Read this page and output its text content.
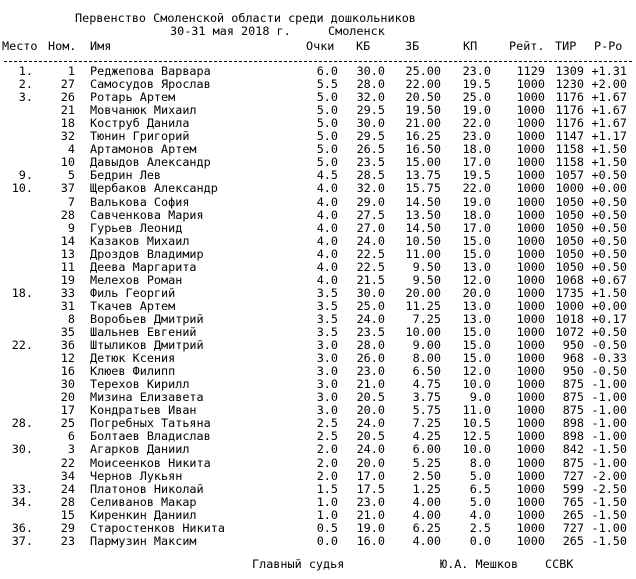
Первенство Смоленской области среди дошкольников
30-31 мая 2018 г.	Смоленск
Место Ном. Имя	Очки КБ	ЗБ	КП	Рейт. ТИР Р-Ро
1.	1 Реджепова Варвара	6.0 30.0 25.00 23.0 1129 1309 +1.31
2. 27 Самосудов Ярослав	5.5 28.0 22.00 19.5 1000 1230 +2.00
3. 26 Ротарь Артем	5.0 32.0 20.50 25.0 1000 1176 +1.67
21 Мовчанюк Михаил	5.0 29.5 19.50 19.0 1000 1176 +1.67
18 Коструб Данила	5.0 30.0 21.00 22.0 1000 1176 +1.67
32 Тюнин Григорий	5.0 29.5 16.25 23.0 1000 1147 +1.17
4 Артамонов Артем	5.0 26.5 16.50 18.0 1000 1158 +1.50
10 Давыдов Александр	5.0 23.5 15.00 17.0 1000 1158 +1.50
9.	5 Бедрин Лев	4.5 28.5 13.75 19.5 1000 1057 +0.50
10. 37 Щербаков Александр	4.0 32.0 15.75 22.0 1000 1000 +0.00
7 Валькова София	4.0 29.0 14.50 19.0 1000 1050 +0.50
28 Савченкова Мария	4.0 27.5 13.50 18.0 1000 1050 +0.50
9 Гурьев Леонид	4.0 27.0 14.50 17.0 1000 1050 +0.50
14 Казаков Михаил	4.0 24.0 10.50 15.0 1000 1050 +0.50
13 Дроздов Владимир	4.0 22.5 11.00 15.0 1000 1050 +0.50
11 Деева Маргарита	4.0 22.5 9.50 13.0 1000 1050 +0.50
19 Мелехов Роман	4.0 21.5 9.50 12.0 1000 1068 +0.67
18. 33 Филь Георгий	3.5 30.0 20.00 20.0 1000 1735 +1.50
31 Ткачев Артем	3.5 25.0 11.25 13.0 1000 1000 +0.00
8 Воробьев Дмитрий	3.5 24.0 7.25 13.0 1000 1018 +0.17
35 Шальнев Евгений	3.5 23.5 10.00 15.0 1000 1072 +0.50
22. 36 Штыликов Дмитрий	3.0 28.0 9.00 15.0 1000 950 -0.50
12 Детюк Ксения	3.0 26.0 8.00 15.0 1000 968 -0.33
16 Клюев Филипп	3.0 23.0 6.50 12.0 1000 950 -0.50
30 Терехов Кирилл	3.0 21.0 4.75 10.0 1000 875 -1.00
20 Мизина Елизавета	3.0 20.5 3.75 9.0 1000 875 -1.00
17 Кондратьев Иван	3.0 20.0 5.75 11.0 1000 875 -1.00
28. 25 Погребных Татьяна	2.5 24.0 7.25 10.5 1000 898 -1.00
6 Болтаев Владислав	2.5 20.5 4.25 12.5 1000 898 -1.00
30.	3 Агарков Даниил	2.0 24.0 6.00 10.0 1000 842 -1.50
22 Моисеенков Никита	2.0 20.0 5.25 8.0 1000 875 -1.00
34 Чернов Лукьян	2.0 17.0 2.50 5.0 1000 727 -2.00
33. 24 Платонов Николай	1.5 17.5 1.25 6.5 1000 599 -2.50
34. 28 Селиванов Макар	1.0 23.0 4.00 5.0 1000 765 -1.50
15 Киренкин Даниил	1.0 21.0 4.00 4.0 1000 265 -1.50
36. 29 Старостенков Никита	0.5 19.0 6.25 2.5 1000 727 -1.00
37. 23 Пармузин Максим	0.0 16.0 4.00 0.0 1000 265 -1.50
Главный судья	Ю.А. Мешков ССВК
